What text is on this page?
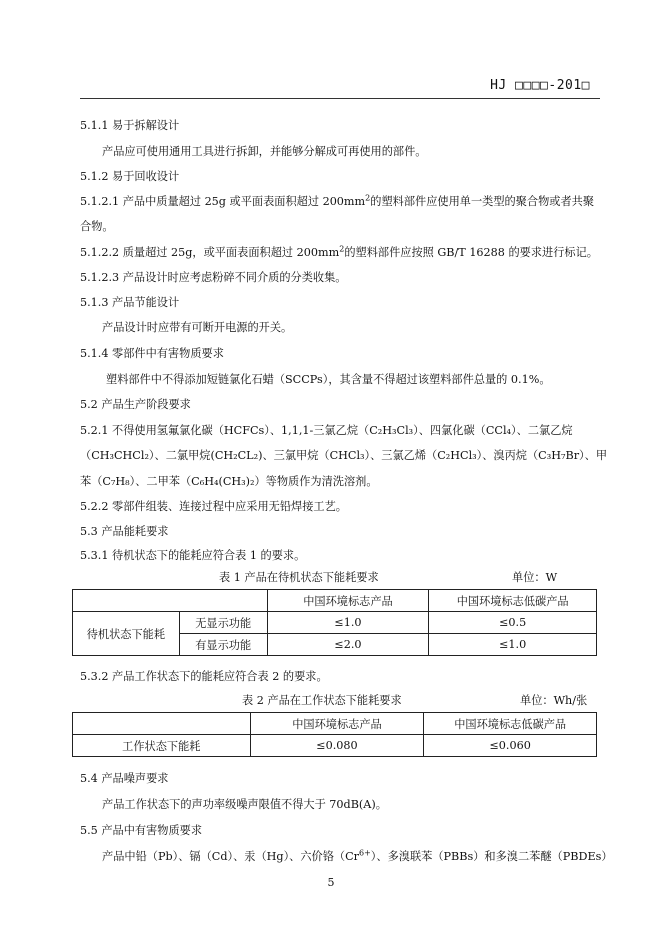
HJ □□□□-201□
5.1.1 易于拆解设计
产品应可使用通用工具进行拆卸，并能够分解成可再使用的部件。
5.1.2 易于回收设计
5.1.2.1 产品中质量超过 25g 或平面表面积超过 $200mm^2$的塑料部件应使用单一类型的聚合物或者共聚
合物。
5.1.2.2 质量超过 25g，或平面表面积超过 $200mm^2$的塑料部件应按照 GB/T 16288 的要求进行标记。
5.1.2.3 产品设计时应考虑粉碎不同介质的分类收集。
5.1.3 产品节能设计
产品设计时应带有可断开电源的开关。
5.1.4 零部件中有害物质要求
塑料部件中不得添加短链氯化石蜡（SCCPs），其含量不得超过该塑料部件总量的 0.1%。
5.2 产品生产阶段要求
5.2.1 不得使用氢氟氯化碳（HCFCs）、1,1,1-三氯乙烷（C₂H₃Cl₃）、四氯化碳（CCl₄）、二氯乙烷
（CH₃CHCl₂）、二氯甲烷(CH₂CL₂)、三氯甲烷（CHCl₃）、三氯乙烯（C₂HCl₃）、溴丙烷（C₃H₇Br）、甲
苯（C₇H₈）、二甲苯（C₆H₄(CH₃)₂）等物质作为清洗溶剂。
5.2.2 零部件组装、连接过程中应采用无铅焊接工艺。
5.3 产品能耗要求
5.3.1 待机状态下的能耗应符合表 1 的要求。
表 1 产品在待机状态下能耗要求	单位：W
		中国环境标志产品	中国环境标志低碳产品
待机状态下能耗	无显示功能	≤1.0	≤0.5
	有显示功能	≤2.0	≤1.0
5.3.2 产品工作状态下的能耗应符合表 2 的要求。
表 2 产品在工作状态下能耗要求	单位：Wh/张
	中国环境标志产品	中国环境标志低碳产品
工作状态下能耗	≤0.080	≤0.060
5.4 产品噪声要求
产品工作状态下的声功率级噪声限值不得大于 70dB(A)。
5.5 产品中有害物质要求
产品中铅（Pb）、镉（Cd）、汞（Hg）、六价铬$(Cr^{6+})$、多溴联苯（PBBs）和多溴二苯醚（PBDEs）
5
